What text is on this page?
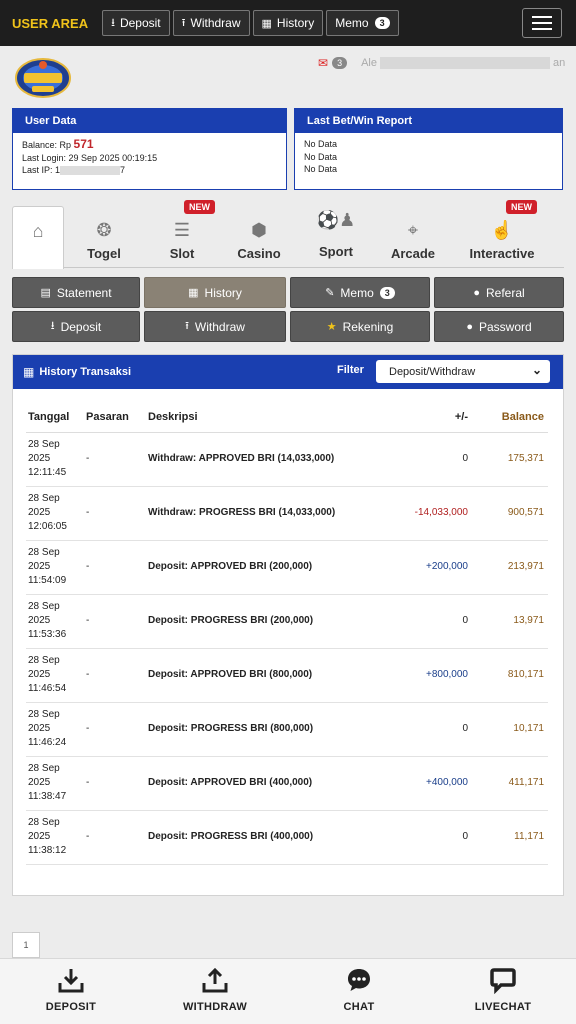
USER AREA ⭳ Deposit ⭱ Withdraw ▦ History Memo	3
✉	3	Ale	an
User Data
Balance: Rp 571
Last Login: 29 Sep 2025 00:19:15
Last IP: 1	7
Last Bet/Win Report
No Data
No Data
No Data
⌂	❂
Togel
NEW
☰
Slot
⬢
Casino
⚽♟
Sport
⌖
Arcade
NEW
☝
Interactive
▤ Statement	▦ History	✎ Memo	3	● Referal
⭳ Deposit	⭱ Withdraw	★ Rekening	● Password
▦ History Transaksi	Filter Deposit/Withdraw	⌄
Tanggal	Pasaran	Deskripsi	+/-	Balance

28 Sep
2025
12:11:45	-	Withdraw: APPROVED BRI (14,033,000)	0	175,371

28 Sep
2025
12:06:05	-	Withdraw: PROGRESS BRI (14,033,000)	-14,033,000	900,571

28 Sep
2025
11:54:09	-	Deposit: APPROVED BRI (200,000)	+200,000	213,971

28 Sep
2025
11:53:36	-	Deposit: PROGRESS BRI (200,000)	0	13,971

28 Sep
2025
11:46:54	-	Deposit: APPROVED BRI (800,000)	+800,000	810,171

28 Sep
2025
11:46:24	-	Deposit: PROGRESS BRI (800,000)	0	10,171

28 Sep
2025
11:38:47	-	Deposit: APPROVED BRI (400,000)	+400,000	411,171

28 Sep
2025
11:38:12	-	Deposit: PROGRESS BRI (400,000)	0	11,171
1
DEPOSIT	WITHDRAW	CHAT	LIVECHAT
